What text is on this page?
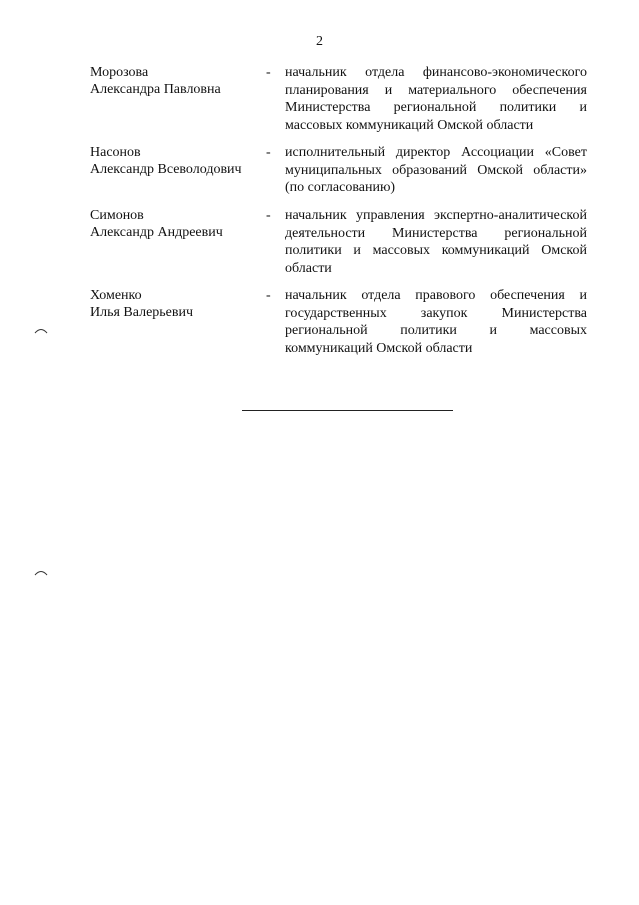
2
Морозова
Александра Павловна
- начальник отдела финансово-экономического планирования и материального обеспечения Министерства региональной политики и массовых коммуникаций Омской области
Насонов
Александр Всеволодович
- исполнительный директор Ассоциации «Совет муниципальных образований Омской области» (по согласованию)
Симонов
Александр Андреевич
- начальник управления экспертно-аналитической деятельности Министерства региональной политики и массовых коммуникаций Омской области
Хоменко
Илья Валерьевич
- начальник отдела правового обеспечения и государственных закупок Министерства региональной политики и массовых коммуникаций Омской области
